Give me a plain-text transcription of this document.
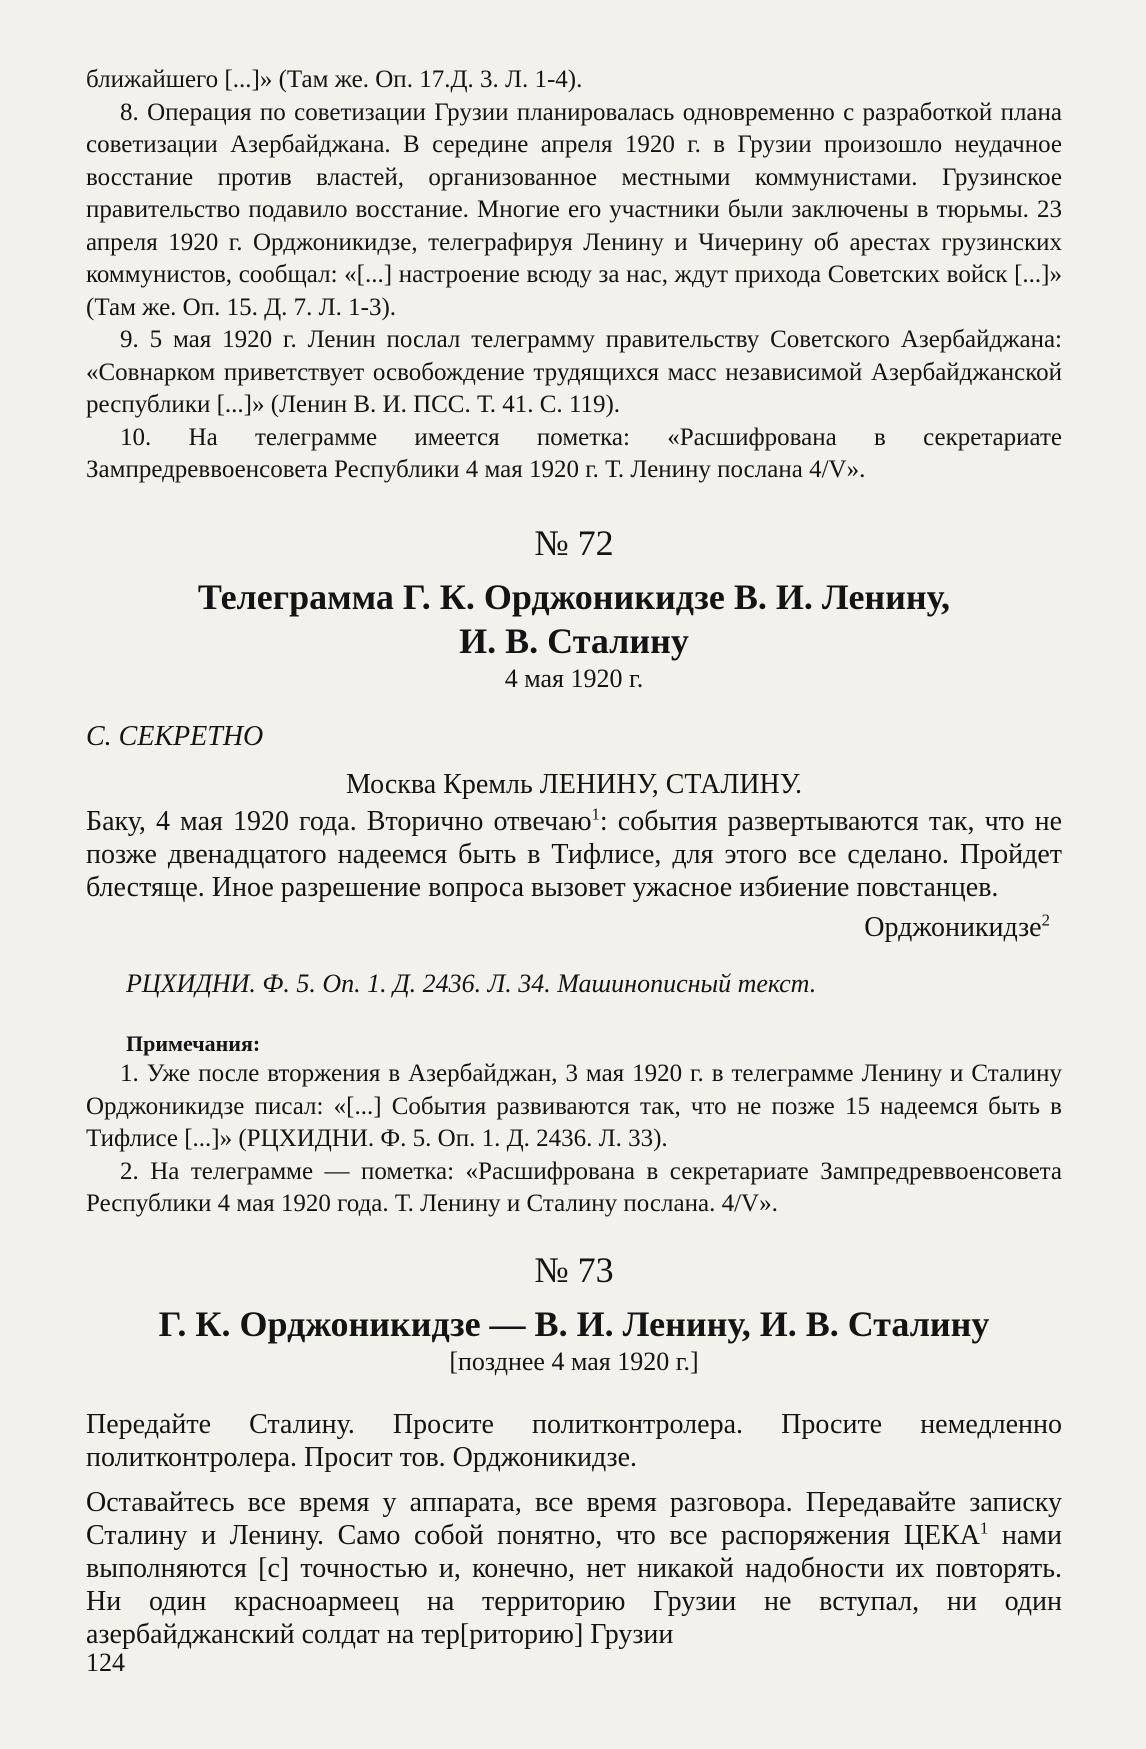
ближайшего [...]» (Там же. Оп. 17.Д. 3. Л. 1-4).

8. Операция по советизации Грузии планировалась одновременно с разработкой плана советизации Азербайджана. В середине апреля 1920 г. в Грузии произошло неудачное восстание против властей, организованное местными коммунистами. Грузинское правительство подавило восстание. Многие его участники были заключены в тюрьмы. 23 апреля 1920 г. Орджоникидзе, телеграфируя Ленину и Чичерину об арестах грузинских коммунистов, сообщал: «[...] настроение всюду за нас, ждут прихода Советских войск [...]» (Там же. Оп. 15. Д. 7. Л. 1-3).

9. 5 мая 1920 г. Ленин послал телеграмму правительству Советского Азербайджана: «Совнарком приветствует освобождение трудящихся масс независимой Азербайджанской республики [...]» (Ленин В. И. ПСС. Т. 41. С. 119).

10. На телеграмме имеется пометка: «Расшифрована в секретариате Зампредреввоенсовета Республики 4 мая 1920 г. Т. Ленину послана 4/V».

№ 72
Телеграмма Г. К. Орджоникидзе В. И. Ленину,
И. В. Сталину
4 мая 1920 г.
С. СЕКРЕТНО
Москва Кремль ЛЕНИНУ, СТАЛИНУ.

Баку, 4 мая 1920 года. Вторично отвечаю$^1$: события развертываются так, что не позже двенадцатого надеемся быть в Тифлисе, для этого все сделано. Пройдет блестяще. Иное разрешение вопроса вызовет ужасное избиение повстанцев.

Орджоникидзе$^2$
РЦХИДНИ. Ф. 5. Оп. 1. Д. 2436. Л. 34. Машинописный текст.
Примечания:

1. Уже после вторжения в Азербайджан, 3 мая 1920 г. в телеграмме Ленину и Сталину Орджоникидзе писал: «[...] События развиваются так, что не позже 15 надеемся быть в Тифлисе [...]» (РЦХИДНИ. Ф. 5. Оп. 1. Д. 2436. Л. 33).

2. На телеграмме — пометка: «Расшифрована в секретариате Зампредреввоенсовета Республики 4 мая 1920 года. Т. Ленину и Сталину послана. 4/V».

№ 73
Г. К. Орджоникидзе — В. И. Ленину, И. В. Сталину
[позднее 4 мая 1920 г.]

Передайте Сталину. Просите политконтролера. Просите немедленно политконтролера. Просит тов. Орджоникидзе.

Оставайтесь все время у аппарата, все время разговора. Передавайте записку Сталину и Ленину. Само собой понятно, что все распоряжения ЦЕКА$^1$ нами выполняются [с] точностью и, конечно, нет никакой надобности их повторять. Ни один красноармеец на территорию Грузии не вступал, ни один азербайджанский солдат на тер[риторию] Грузии

124
